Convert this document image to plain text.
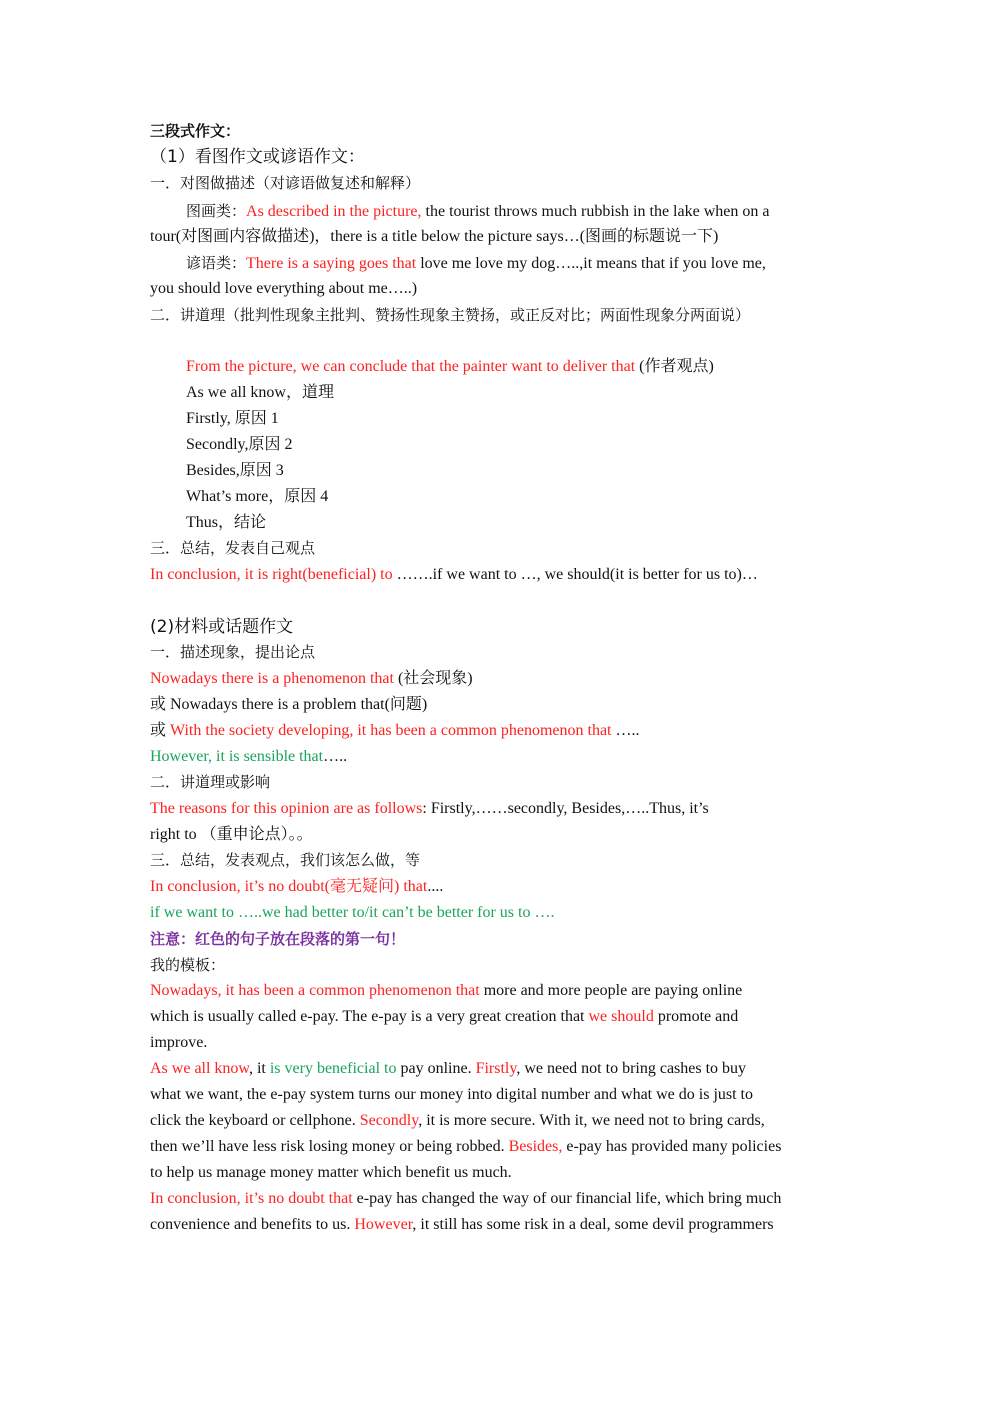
三段式作文：
（1）看图作文或谚语作文：
一．对图做描述（对谚语做复述和解释）
图画类：As described in the picture, the tourist throws much rubbish in the lake when on a
tour(对图画内容做描述)，there is a title below the picture says…(图画的标题说一下)
谚语类：There is a saying goes that love me love my dog…..,it means that if you love me,
you should love everything about me…..)
二．讲道理（批判性现象主批判、赞扬性现象主赞扬，或正反对比；两面性现象分两面说）
From the picture, we can conclude that the painter want to deliver that (作者观点)
As we all know，道理
Firstly, 原因 1
Secondly,原因 2
Besides,原因 3
What’s more，原因 4
Thus，结论
三．总结，发表自己观点
In conclusion, it is right(beneficial) to …….if we want to …, we should(it is better for us to)…
(2)材料或话题作文
一．描述现象，提出论点
Nowadays there is a phenomenon that (社会现象)
或 Nowadays there is a problem that(问题)
或 With the society developing, it has been a common phenomenon that …..
However, it is sensible that…..
二．讲道理或影响
The reasons for this opinion are as follows: Firstly,……secondly, Besides,…..Thus, it’s
right to （重申论点）。。
三．总结，发表观点，我们该怎么做，等
In conclusion, it’s no doubt(毫无疑问) that....
if we want to …..we had better to/it can’t be better for us to ….
注意：红色的句子放在段落的第一句！
我的模板：
Nowadays, it has been a common phenomenon that more and more people are paying online
which is usually called e-pay. The e-pay is a very great creation that we should promote and
improve.
As we all know, it is very beneficial to pay online. Firstly, we need not to bring cashes to buy
what we want, the e-pay system turns our money into digital number and what we do is just to
click the keyboard or cellphone. Secondly, it is more secure. With it, we need not to bring cards,
then we’ll have less risk losing money or being robbed. Besides, e-pay has provided many policies
to help us manage money matter which benefit us much.
In conclusion, it’s no doubt that e-pay has changed the way of our financial life, which bring much
convenience and benefits to us. However, it still has some risk in a deal, some devil programmers
